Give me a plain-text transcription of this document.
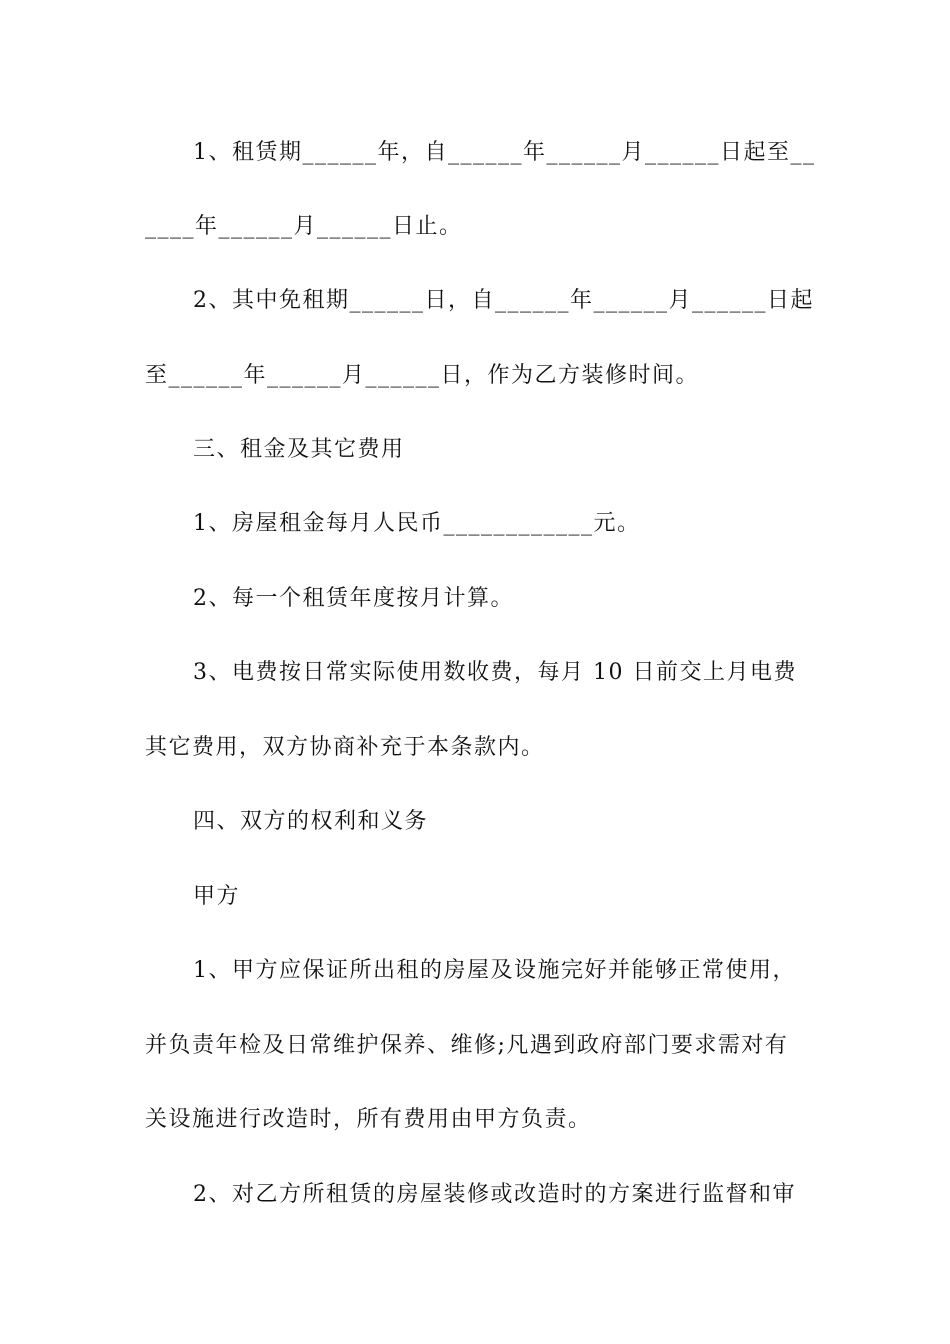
1、租赁期______年，自______年______月______日起至__
____年______月______日止。
2、其中免租期______日，自______年______月______日起
至______年______月______日，作为乙方装修时间。
三、租金及其它费用
1、房屋租金每月人民币____________元。
2、每一个租赁年度按月计算。
3、电费按日常实际使用数收费，每月 10 日前交上月电费
其它费用，双方协商补充于本条款内。
四、双方的权利和义务
甲方
1、甲方应保证所出租的房屋及设施完好并能够正常使用，
并负责年检及日常维护保养、维修;凡遇到政府部门要求需对有
关设施进行改造时，所有费用由甲方负责。
2、对乙方所租赁的房屋装修或改造时的方案进行监督和审
